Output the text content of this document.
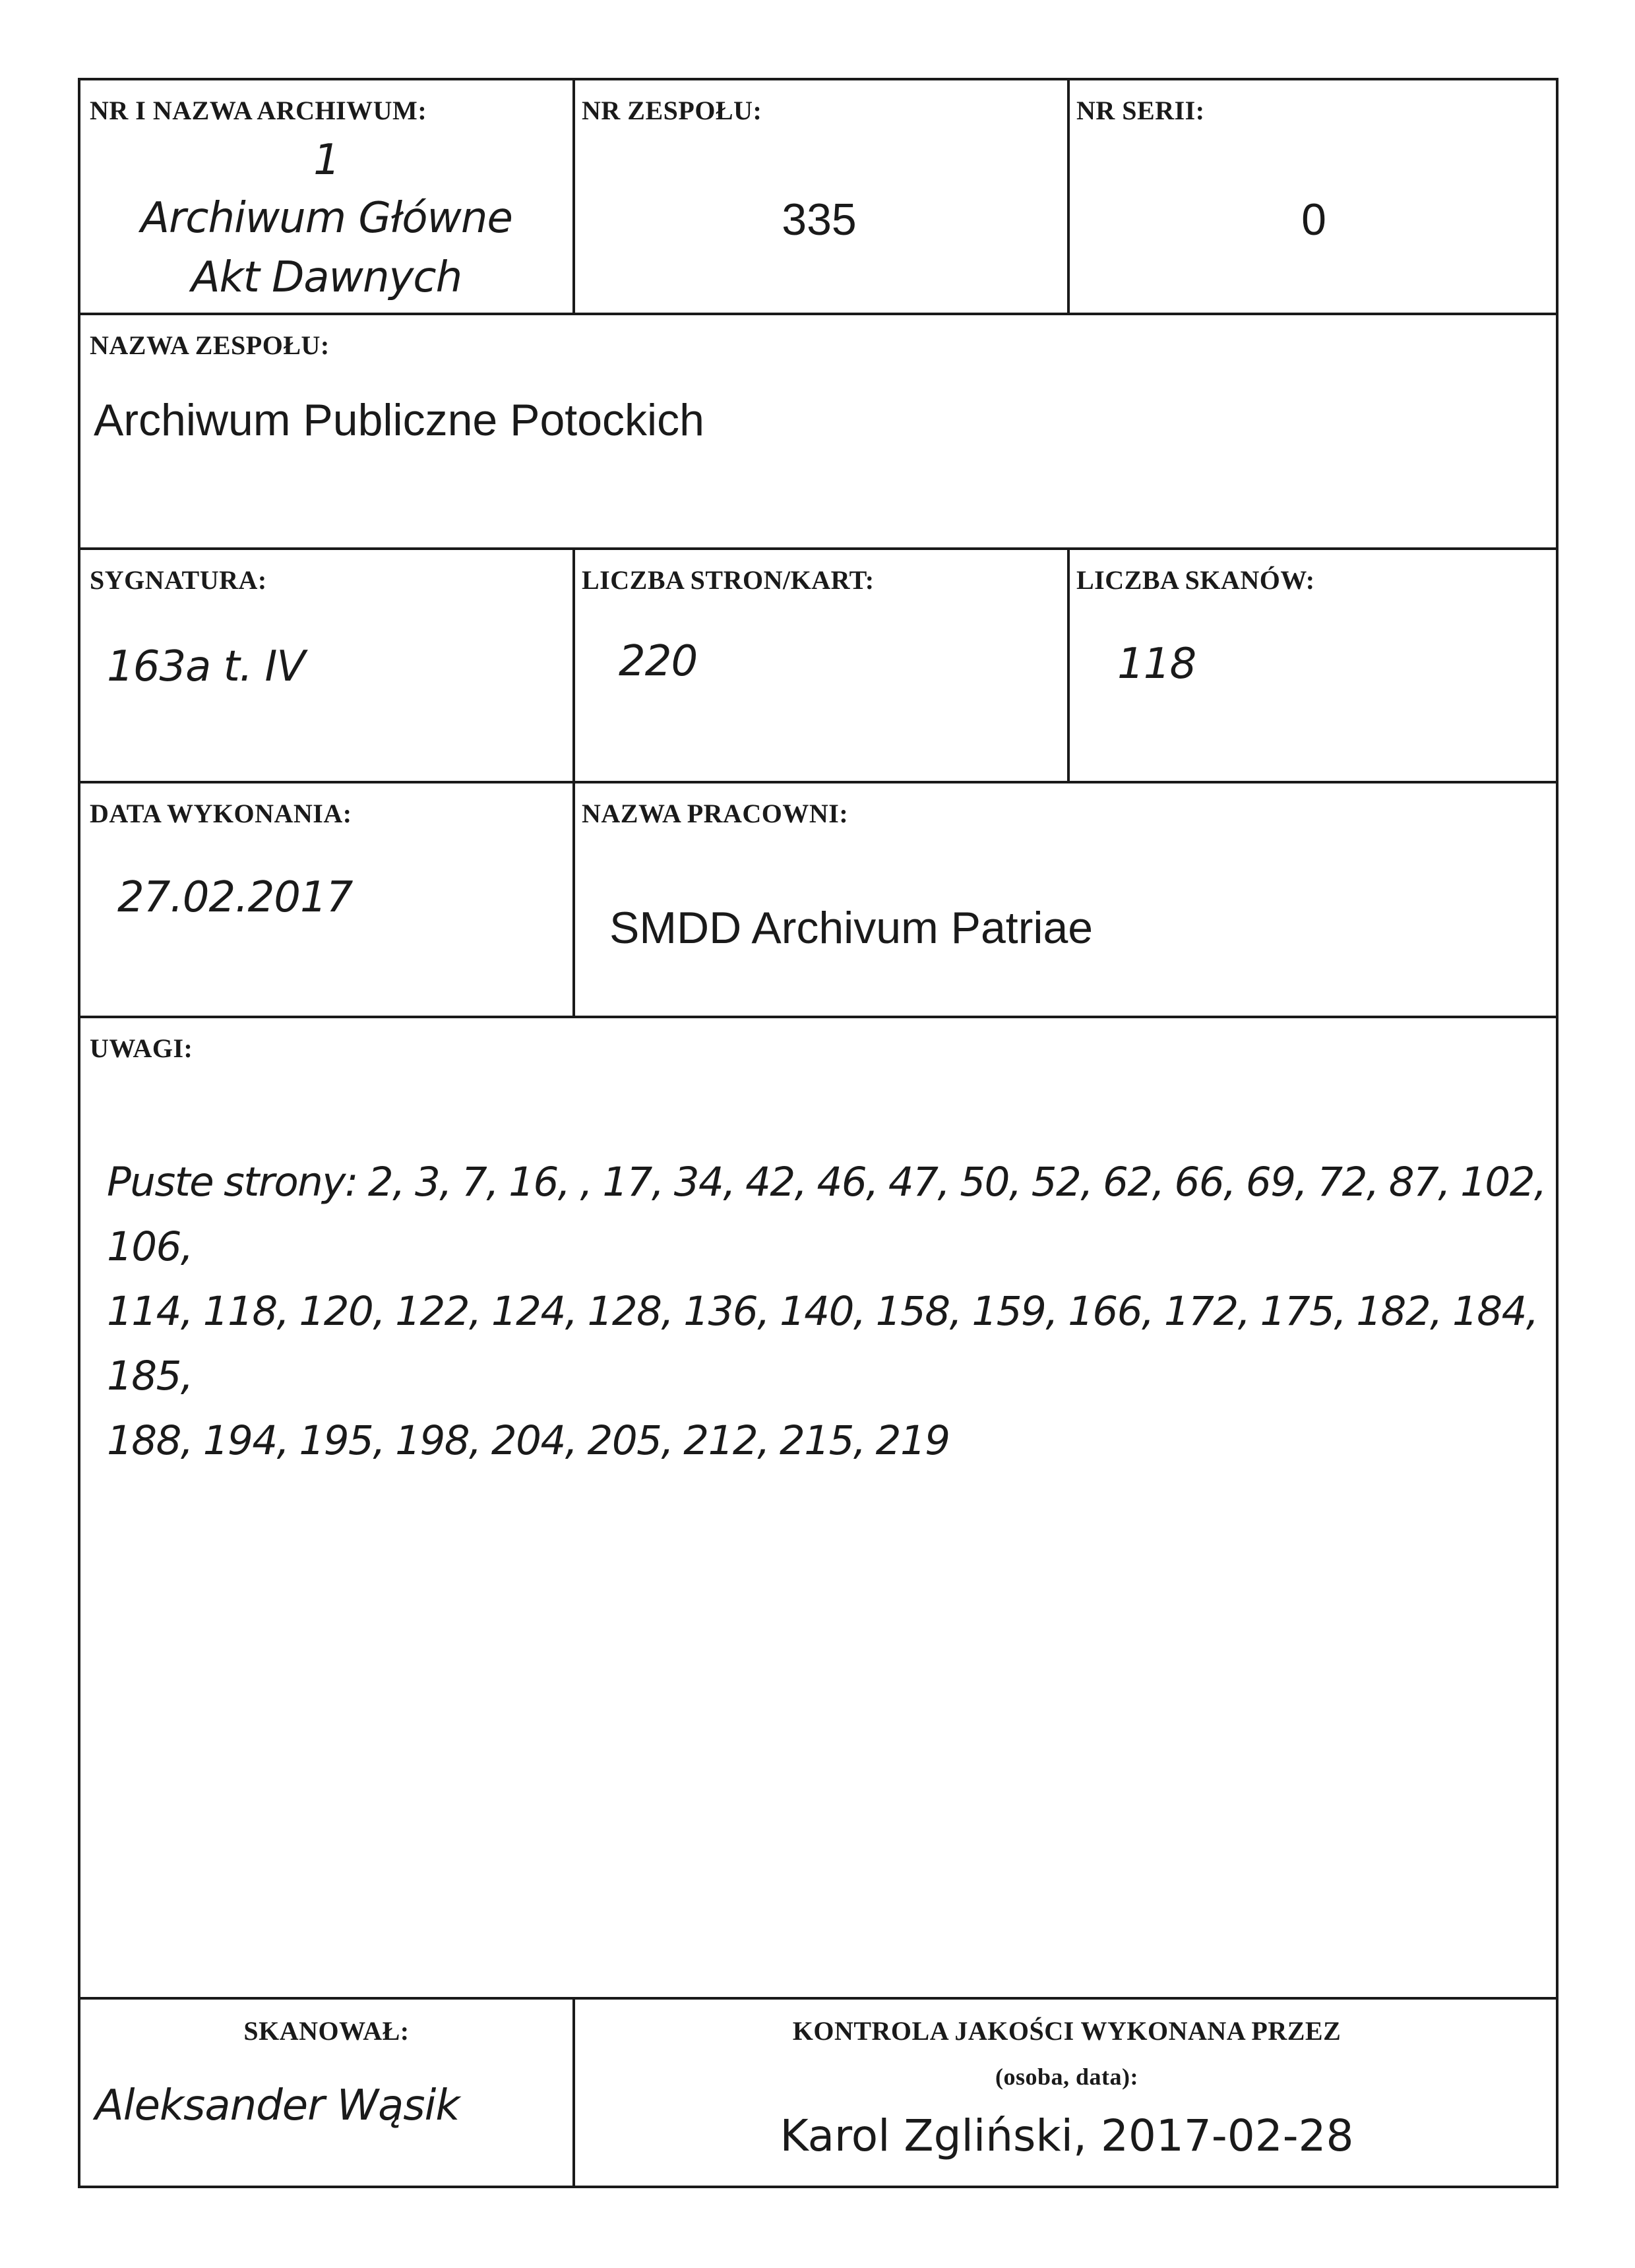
NR I NAZWA ARCHIWUM:
1
Archiwum Główne
Akt Dawnych
NR ZESPOŁU:
335
NR SERII:
0
NAZWA ZESPOŁU:
Archiwum Publiczne Potockich
SYGNATURA:
163a t. IV
LICZBA STRON/KART:
220
LICZBA SKANÓW:
118
DATA WYKONANIA:
27.02.2017
NAZWA PRACOWNI:
SMDD Archivum Patriae
UWAGI:
Puste strony: 2, 3, 7, 16, , 17, 34, 42, 46, 47, 50, 52, 62, 66, 69, 72, 87, 102, 106,
114, 118, 120, 122, 124, 128, 136, 140, 158, 159, 166, 172, 175, 182, 184, 185,
188, 194, 195, 198, 204, 205, 212, 215, 219
SKANOWAŁ:
Aleksander Wąsik
KONTROLA JAKOŚCI WYKONANA PRZEZ
(osoba, data):
Karol Zgliński, 2017-02-28
